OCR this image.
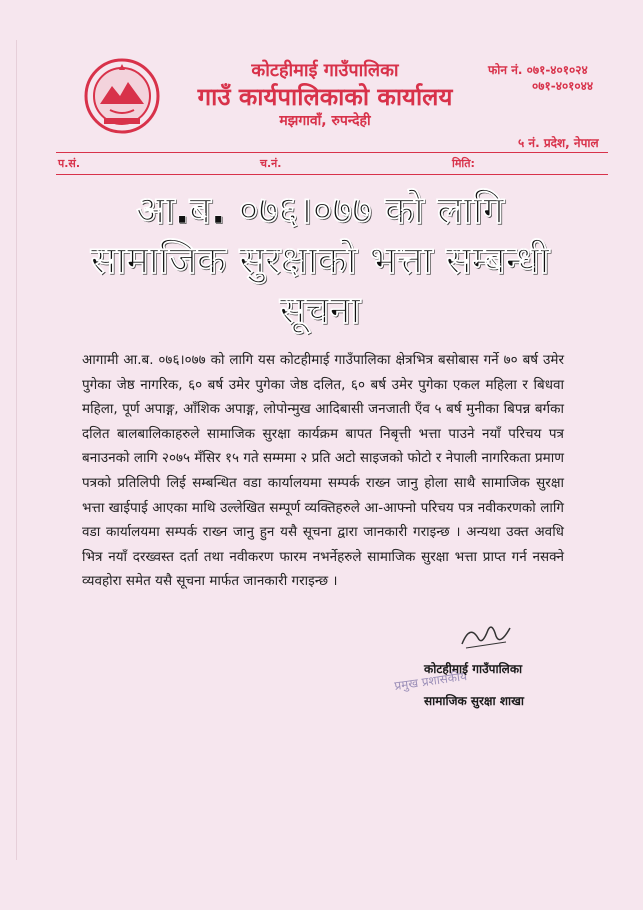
कोटहीमाई गाउँपालिका
गाउँ कार्यपालिकाको कार्यालय
मझगावाँ, रुपन्देही
फोन नं. ०७१-४०१०२४
०७१-४०१०४४
५ नं. प्रदेश, नेपाल
प.सं.	च.नं.	मिति:
आ.ब. ०७६।०७७ को लागि
सामाजिक सुरक्षाको भत्ता सम्बन्धी
सूचना
आगामी आ.ब. ०७६।०७७ को लागि यस कोटहीमाई गाउँपालिका क्षेत्रभित्र बसोबास गर्ने ७० बर्ष उमेर पुगेका जेष्ठ नागरिक, ६० बर्ष उमेर पुगेका जेष्ठ दलित, ६० बर्ष उमेर पुगेका एकल महिला र बिधवा महिला, पूर्ण अपाङ्ग, आँशिक अपाङ्ग, लोपोन्मुख आदिबासी जनजाती एँव ५ बर्ष मुनीका बिपन्न बर्गका दलित बालबालिकाहरुले सामाजिक सुरक्षा कार्यक्रम बापत निबृत्ती भत्ता पाउने नयाँ परिचय पत्र बनाउनको लागि २०७५ मँसिर १५ गते सम्ममा २ प्रति अटो साइजको फोटो र नेपाली नागरिकता प्रमाण पत्रको प्रतिलिपी लिई सम्बन्धित वडा कार्यालयमा सम्पर्क राख्न जानु होला साथै सामाजिक सुरक्षा भत्ता खाईपाई आएका माथि उल्लेखित सम्पूर्ण व्यक्तिहरुले आ-आफ्नो परिचय पत्र नवीकरणको लागि वडा कार्यालयमा सम्पर्क राख्न जानु हुन यसै सूचना द्वारा जानकारी गराइन्छ । अन्यथा उक्त अवधि भित्र नयाँ दरख्वस्त दर्ता तथा नवीकरण फारम नभर्नेहरुले सामाजिक सुरक्षा भत्ता प्राप्त गर्न नसक्ने व्यवहोरा समेत यसै सूचना मार्फत जानकारी गराइन्छ ।
प्रमुख प्रशासकीय
कोटहीमाई गाउँपालिका
सामाजिक सुरक्षा शाखा
